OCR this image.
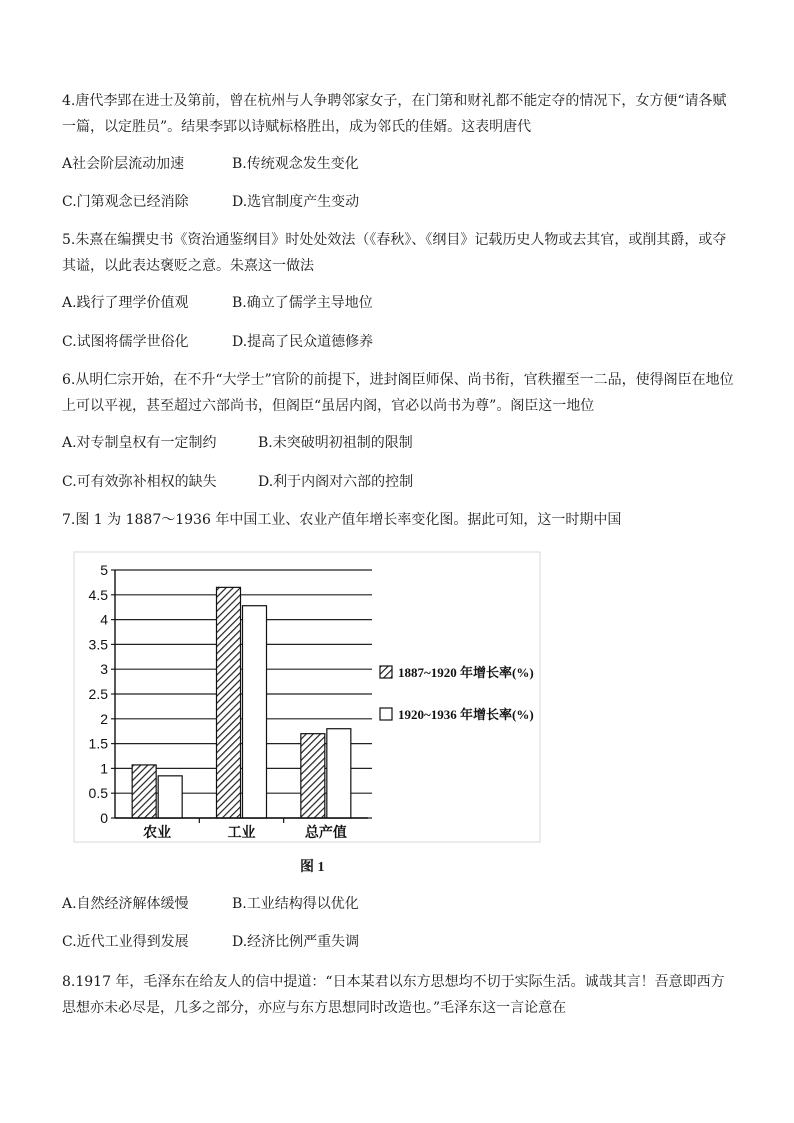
4.唐代李郢在进士及第前，曾在杭州与人争聘邻家女子，在门第和财礼都不能定夺的情况下，女方便“请各赋一篇，以定胜员”。结果李郢以诗赋标格胜出，成为邻氏的佳婿。这表明唐代

A社会阶层流动加速	B.传统观念发生变化
C.门第观念已经消除	D.选官制度产生变动

5.朱熹在编撰史书《资治通鉴纲目》时处处效法（《春秋》、《纲目》记载历史人物或去其官，或削其爵，或夺其谥，以此表达褒贬之意。朱熹这一做法

A.践行了理学价值观	B.确立了儒学主导地位
C.试图将儒学世俗化	D.提高了民众道德修养

6.从明仁宗开始，在不升“大学士”官阶的前提下，进封阁臣师保、尚书衔，官秩擢至一二品，使得阁臣在地位上可以平视，甚至超过六部尚书，但阁臣“虽居内阁，官必以尚书为尊”。阁臣这一地位

A.对专制皇权有一定制约	B.未突破明初祖制的限制
C.可有效弥补相权的缺失	D.利于内阁对六部的控制

7.图 1 为 1887～1936 年中国工业、农业产值年增长率变化图。据此可知，这一时期中国

0
0.5
1
1.5
2
2.5
3
3.5
4
4.5
5
农业	工业	总产值
1887~1920 年增长率(%)
1920~1936 年增长率(%)
图 1
A.自然经济解体缓慢	B.工业结构得以优化
C.近代工业得到发展	D.经济比例严重失调

8.1917 年，毛泽东在给友人的信中提道：“日本某君以东方思想均不切于实际生活。诚哉其言！吾意即西方思想亦未必尽是，几多之部分，亦应与东方思想同时改造也。”毛泽东这一言论意在
